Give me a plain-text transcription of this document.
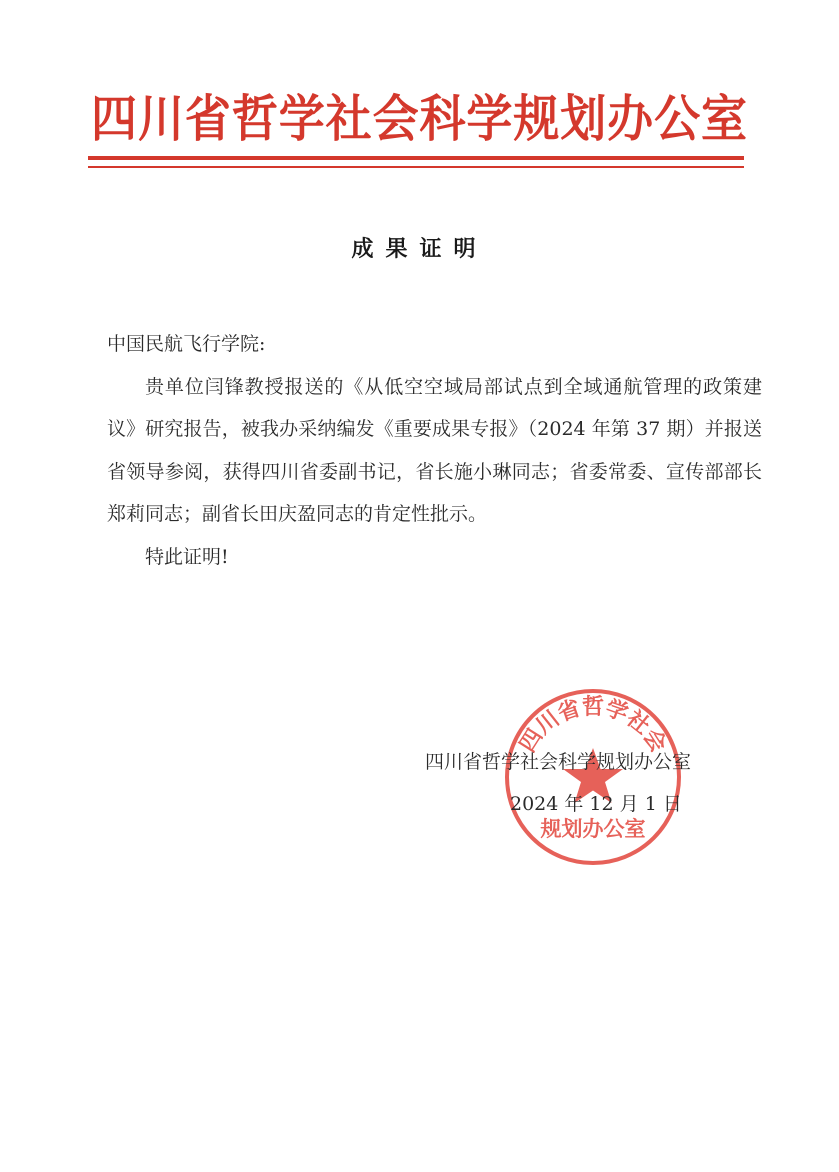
四川省哲学社会科学规划办公室
成果证明

中国民航飞行学院:

贵单位闫锋教授报送的《从低空空域局部试点到全域通航管理的政策建议》研究报告，被我办采纳编发《重要成果专报》（2024 年第 37 期）并报送省领导参阅，获得四川省委副书记，省长施小琳同志；省委常委、宣传部部长郑莉同志；副省长田庆盈同志的肯定性批示。

特此证明!

四川省哲学社会
规划办公室
四川省哲学社会科学规划办公室
2024 年 12 月 1 日
